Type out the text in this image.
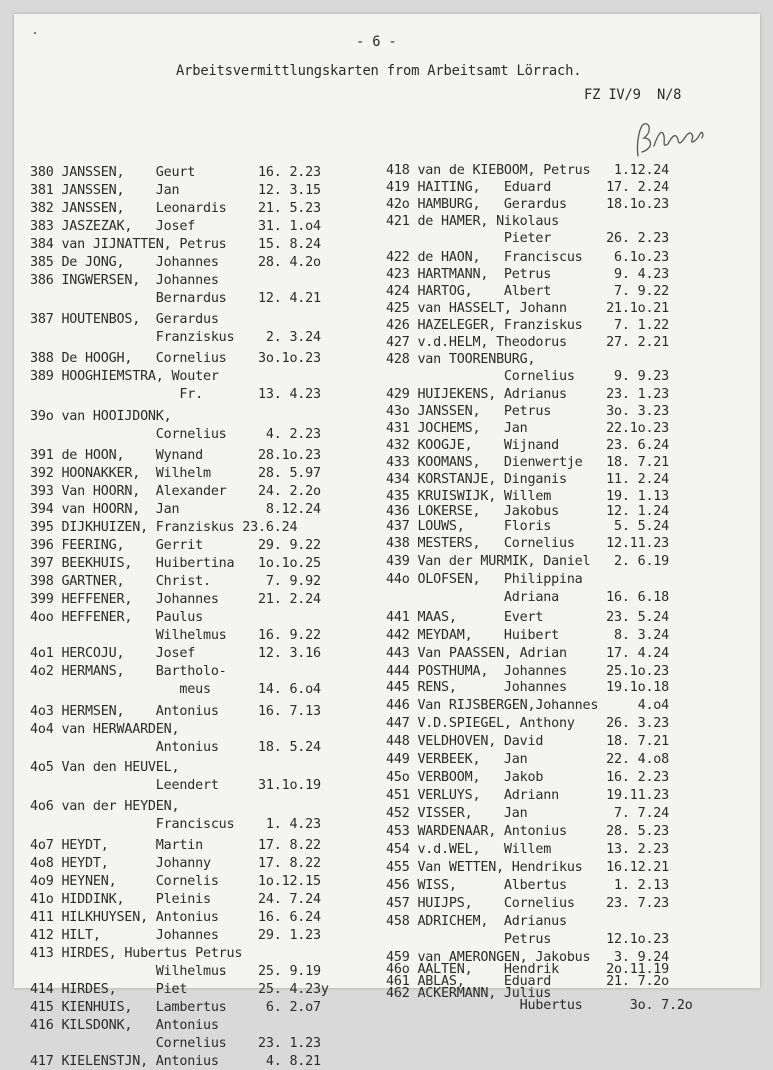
- 6 -
Arbeitsvermittlungskarten from Arbeitsamt Lörrach.
FZ IV/9  N/8
380 JANSSEN,    Geurt        16. 2.23
381 JANSSEN,    Jan          12. 3.15
382 JANSSEN,    Leonardis    21. 5.23
383 JASZEZAK,   Josef        31. 1.o4
384 van JIJNATTEN, Petrus    15. 8.24
385 De JONG,    Johannes     28. 4.2o
386 INGWERSEN,  Johannes
Bernardus    12. 4.21
387 HOUTENBOS,  Gerardus
Franziskus    2. 3.24
388 De HOOGH,   Cornelius    3o.1o.23
389 HOOGHIEMSTRA, Wouter
Fr.       13. 4.23
39o van HOOIJDONK,
Cornelius     4. 2.23
391 de HOON,    Wynand       28.1o.23
392 HOONAKKER,  Wilhelm      28. 5.97
393 Van HOORN,  Alexander    24. 2.2o
394 van HOORN,  Jan           8.12.24
395 DIJKHUIZEN, Franziskus 23.6.24
396 FEERING,    Gerrit       29. 9.22
397 BEEKHUIS,   Huibertina   1o.1o.25
398 GARTNER,    Christ.       7. 9.92
399 HEFFENER,   Johannes     21. 2.24
4oo HEFFENER,   Paulus
Wilhelmus    16. 9.22
4o1 HERCOJU,    Josef        12. 3.16
4o2 HERMANS,    Bartholo-
meus      14. 6.o4
4o3 HERMSEN,    Antonius     16. 7.13
4o4 van HERWAARDEN,
Antonius     18. 5.24
4o5 Van den HEUVEL,
Leendert     31.1o.19
4o6 van der HEYDEN,
Franciscus    1. 4.23
4o7 HEYDT,      Martin       17. 8.22
4o8 HEYDT,      Johanny      17. 8.22
4o9 HEYNEN,     Cornelis     1o.12.15
41o HIDDINK,    Pleinis      24. 7.24
411 HILKHUYSEN, Antonius     16. 6.24
412 HILT,       Johannes     29. 1.23
413 HIRDES, Hubertus Petrus
Wilhelmus    25. 9.19
414 HIRDES,     Piet         25. 4.23y
415 KIENHUIS,   Lambertus     6. 2.o7
416 KILSDONK,   Antonius
Cornelius    23. 1.23
417 KIELENSTJN, Antonius      4. 8.21
418 van de KIEBOOM, Petrus   1.12.24
419 HAITING,   Eduard       17. 2.24
42o HAMBURG,   Gerardus     18.1o.23
421 de HAMER, Nikolaus
Pieter       26. 2.23
422 de HAON,   Franciscus    6.1o.23
423 HARTMANN,  Petrus        9. 4.23
424 HARTOG,    Albert        7. 9.22
425 van HASSELT, Johann     21.1o.21
426 HAZELEGER, Franziskus    7. 1.22
427 v.d.HELM, Theodorus     27. 2.21
428 van TOORENBURG,
Cornelius     9. 9.23
429 HUIJEKENS, Adrianus     23. 1.23
43o JANSSEN,   Petrus       3o. 3.23
431 JOCHEMS,   Jan          22.1o.23
432 KOOGJE,    Wijnand      23. 6.24
433 KOOMANS,   Dienwertje   18. 7.21
434 KORSTANJE, Dinganis     11. 2.24
435 KRUISWIJK, Willem       19. 1.13
436 LOKERSE,   Jakobus      12. 1.24
437 LOUWS,     Floris        5. 5.24
438 MESTERS,   Cornelius    12.11.23
439 Van der MURMIK, Daniel   2. 6.19
44o OLOFSEN,   Philippina
Adriana      16. 6.18
441 MAAS,      Evert        23. 5.24
442 MEYDAM,    Huibert       8. 3.24
443 Van PAASSEN, Adrian     17. 4.24
444 POSTHUMA,  Johannes     25.1o.23
445 RENS,      Johannes     19.1o.18
446 Van RIJSBERGEN,Johannes     4.o4
447 V.D.SPIEGEL, Anthony    26. 3.23
448 VELDHOVEN, David        18. 7.21
449 VERBEEK,   Jan          22. 4.o8
45o VERBOOM,   Jakob        16. 2.23
451 VERLUYS,   Adriann      19.11.23
452 VISSER,    Jan           7. 7.24
453 WARDENAAR, Antonius     28. 5.23
454 v.d.WEL,   Willem       13. 2.23
455 Van WETTEN, Hendrikus   16.12.21
456 WISS,      Albertus      1. 2.13
457 HUIJPS,    Cornelius    23. 7.23
458 ADRICHEM,  Adrianus
Petrus       12.1o.23
459 van AMERONGEN, Jakobus   3. 9.24
46o AALTEN,    Hendrik      2o.11.19
461 ABLAS,     Eduard       21. 7.2o
462 ACKERMANN, Julius
Hubertus      3o. 7.2o
